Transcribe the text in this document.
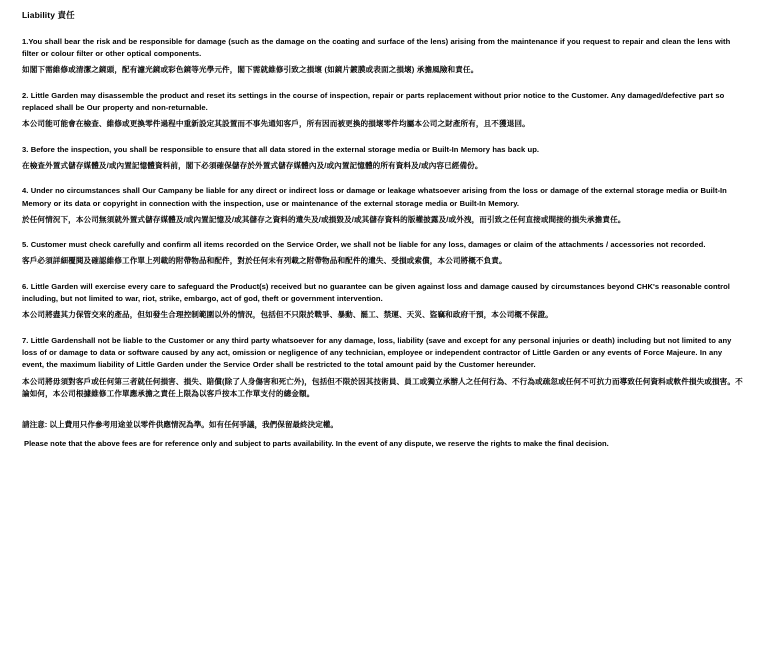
Liability 責任

1.You shall bear the risk and be responsible for damage (such as the damage on the coating and surface of the lens) arising from the maintenance if you request to repair and clean the lens with filter or colour filter or other optical components.

如閣下需維修或清潔之鏡頭，配有濾光鏡或彩色鏡等光學元件，閣下需就維修引致之損壞 (如鏡片鍍膜或表面之損壞) 承擔風險和責任。

2. Little Garden may disassemble the product and reset its settings in the course of inspection, repair or parts replacement without prior notice to the Customer. Any damaged/defective part so replaced shall be Our property and non-returnable.

本公司能可能會在檢查、維修或更換零件過程中重新設定其設置而不事先通知客戶，所有因而被更換的損壞零件均屬本公司之財產所有，且不獲退回。

3. Before the inspection, you shall be responsible to ensure that all data stored in the external storage media or Built-In Memory has back up.

在檢查外置式儲存媒體及/或內置記憶體資料前，閣下必須確保儲存於外置式儲存媒體內及/或內置記憶體的所有資料及/或內容已經備份。

4. Under no circumstances shall Our Campany be liable for any direct or indirect loss or damage or leakage whatsoever arising from the loss or damage of the external storage media or Built-In Memory or its data or copyright in connection with the inspection, use or maintenance of the external storage media or Built-In Memory.

於任何情況下，本公司無須就外置式儲存媒體及/或內置記憶及/或其儲存之資料的遺失及/或損毀及/或其儲存資料的版權披露及/或外洩，而引致之任何直接或間接的損失承擔責任。

5. Customer must check carefully and confirm all items recorded on the Service Order, we shall not be liable for any loss, damages or claim of the attachments / accessories not recorded.

客戶必須詳細覆閱及確認維修工作單上列載的附帶物品和配件，對於任何未有列載之附帶物品和配件的遺失、受損或索償，本公司將概不負責。

6. Little Garden will exercise every care to safeguard the Product(s) received but no guarantee can be given against loss and damage caused by circumstances beyond CHK's reasonable control including, but not limited to war, riot, strike, embargo, act of god, theft or government intervention.

本公司將盡其力保管交來的產品，但如發生合理控制範圍以外的情況，包括但不只限於戰爭、暴動、罷工、禁運、天災、盜竊和政府干預，本公司概不保證。

7. Little Gardenshall not be liable to the Customer or any third party whatsoever for any damage, loss, liability (save and except for any personal injuries or death) including but not limited to any loss of or damage to data or software caused by any act, omission or negligence of any technician, employee or independent contractor of Little Garden or any events of Force Majeure. In any event, the maximum liability of Little Garden under the Service Order shall be restricted to the total amount paid by the Customer hereunder.

本公司將毋須對客戶或任何第三者就任何損害、損失、賠償(除了人身傷害和死亡外)，包括但不限於因其技術員、員工或獨立承辦人之任何行為、不行為或疏忽或任何不可抗力而導致任何資料或軟件損失或損害。不論如何，本公司根據維修工作單應承擔之責任上限為以客戶按本工作單支付的總金額。

請注意: 以上費用只作參考用途並以零件供應情況為準。如有任何爭議，我們保留最終決定權。

Please note that the above fees are for reference only and subject to parts availability. In the event of any dispute, we reserve the rights to make the final decision.
